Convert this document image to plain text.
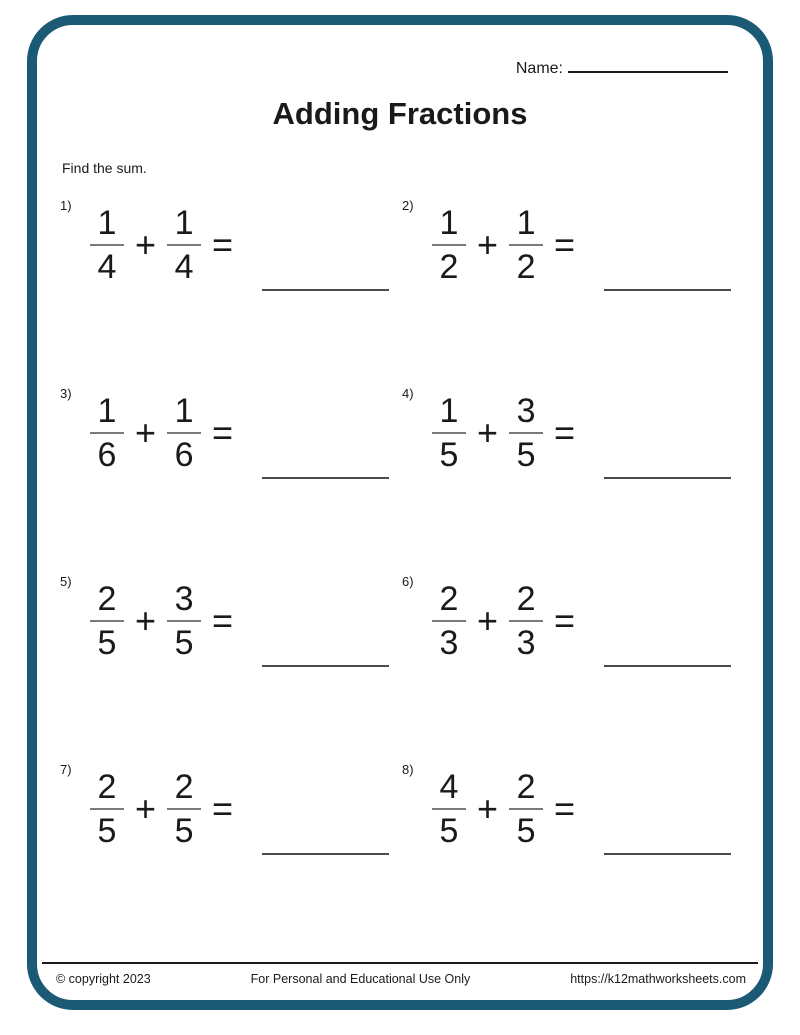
Name:
Adding Fractions
Find the sum.
1)
$\frac{1}{4} + \frac{1}{4}$ =
2)
$\frac{1}{2} + \frac{1}{2}$ =
3)
$\frac{1}{6} + \frac{1}{6}$ =
4)
$\frac{1}{5} + \frac{3}{5}$ =
5)
$\frac{2}{5} + \frac{3}{5}$ =
6)
$\frac{2}{3} + \frac{2}{3}$ =
7)
$\frac{2}{5} + \frac{2}{5}$ =
8)
$\frac{4}{5} + \frac{2}{5}$ =
© copyright 2023	For Personal and Educational Use Only	https://k12mathworksheets.com
